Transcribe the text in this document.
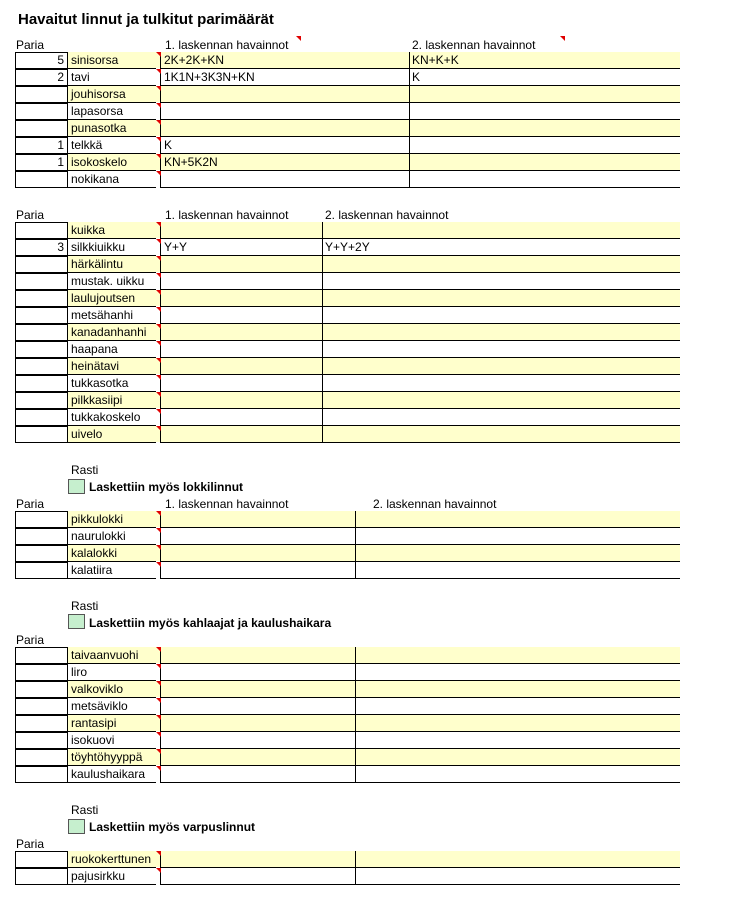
Havaitut linnut ja tulkitut parimäärät
Paria	1. laskennan havainnot	2. laskennan havainnot
5 sinisorsa	2K+2K+KN	KN+K+K
2 tavi	1K1N+3K3N+KN	K
jouhisorsa
lapasorsa
punasotka
1 telkkä	K
1 isokoskelo	KN+5K2N
nokikana
Paria	1. laskennan havainnot	2. laskennan havainnot
kuikka
3 silkkiuikku	Y+Y	Y+Y+2Y
härkälintu
mustak. uikku
laulujoutsen
metsähanhi
kanadanhanhi
haapana
heinätavi
tukkasotka
pilkkasiipi
tukkakoskelo
uivelo
Rasti
Laskettiin myös lokkilinnut
Paria	1. laskennan havainnot	2. laskennan havainnot
pikkulokki
naurulokki
kalalokki
kalatiira
Rasti
Laskettiin myös kahlaajat ja kaulushaikara
Paria
taivaanvuohi
liro
valkoviklo
metsäviklo
rantasipi
isokuovi
töyhtöhyyppä
kaulushaikara
Rasti
Laskettiin myös varpuslinnut
Paria
ruokokerttunen
pajusirkku
